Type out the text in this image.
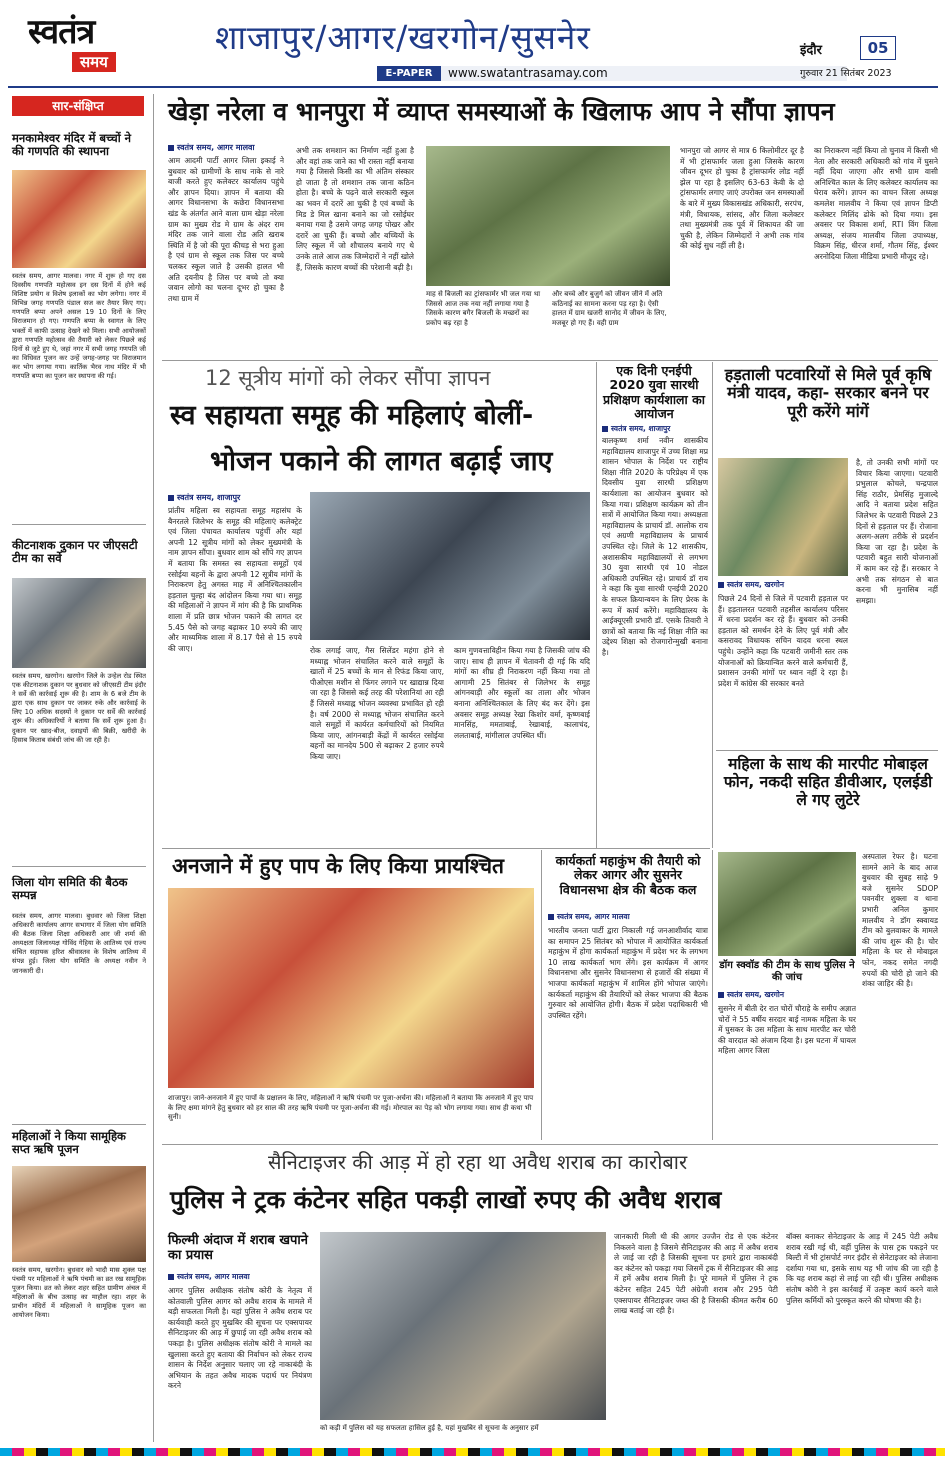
स्वतंत्र
समय
शाजापुर/आगर/खरगोन/सुसनेर	इंदौर	05
E-PAPER	www.swatantrasamay.com	गुरुवार 21 सितंबर 2023
सार-संक्षिप्त
मनकामेश्वर मंदिर में बच्चों ने की गणपति की स्थापना
स्वतंत्र समय, आगर मालवा। नगर में शुरू हो गए दस दिवसीय गणपति महोत्सव इन दस दिनों में होने कई विशिष्ट प्रयोग व विशेष इलाकों का भोग लगेगा। नगर में विभिन्न जगह गणपति पंडाल सज कर तैयार किए गए। गणपति बप्पा अपने असल 19 10 दिनों के लिए विराजमान हो गए। गणपति बप्पा के स्वागत के लिए भक्तों में काफी उत्साह देखने को मिला। सभी आयोजकों द्वारा गणपति महोत्सव की तैयारी को लेकर पिछले कई दिनों से जुटे हुए थे, जहां नगर में सभी जगह गणपति जी का विधिवत पूजन कर उन्हें जगह-जगह पर विराजमान कर भोग लगाया गया। कार्तिक भैरव नाथ मंदिर में भी गणपति बप्पा का पूजन कर स्थापना की गई।
कीटनाशक दुकान पर जीएसटी टीम का सर्वे
स्वतंत्र समय, खरगोन। खरगोन जिले के उन्हेल रोड स्थित एक कीटनाशक दुकान पर बुधवार को जीएसटी टीम इंदौर ने सर्वे की कार्रवाई शुरू की है। शाम के 6 बजे टीम के द्वारा एक साथ दुकान पर जाकर रुके और कार्रवाई के लिए 10 अधिक सदस्यों ने दुकान पर सर्वे की कार्रवाई शुरू की। अधिकारियों ने बताया कि सर्वे शुरू हुआ है। दुकान पर खाद-बीज, दवाइयों की बिक्री, खरीदी के हिसाब किताब संबंधी जांच की जा रही है।
जिला योग समिति की बैठक सम्पन्न
स्वतंत्र समय, आगर मालवा। बुधवार को जिला शिक्षा अधिकारी कार्यालय आगर सभागार में जिला योग समिति की बैठक जिला शिक्षा अधिकारी आर जी शर्मा की अध्यक्षता जिलाध्यक्ष गोविंद गेहिया के आतिथ्य एवं राज्य संचित सहायक हरिश श्रीवास्तव के विशेष आतिथ्य में संपन्न हुई। जिला योग समिति के अध्यक्ष नवीन ने जानकारी दी।
महिलाओं ने किया सामूहिक सप्त ऋषि पूजन
स्वतंत्र समय, खरगोन। बुधवार को भादौ मास शुक्ल पक्ष पंचमी पर महिलाओं ने ऋषि पंचमी का व्रत रख सामूहिक पूजन किया। व्रत को लेकर शहर सहित ग्रामीण अंचल में महिलाओं के बीच उत्साह का माहौल रहा। शहर के प्राचीन मंदिरों में महिलाओं ने सामूहिक पूजन का आयोजन किया।
खेड़ा नरेला व भानपुरा में व्याप्त समस्याओं के खिलाफ आप ने सौंपा ज्ञापन
स्वतंत्र समय, आगर मालवा
आम आदमी पार्टी आगर जिला इकाई ने बुधवार को ग्रामीणों के साथ नाके से नारे बाजी करते हुए कलेक्टर कार्यालय पहुंचे और ज्ञापन दिया। ज्ञापन में बताया की आगर विधानसभा के कछेरा विधानसभा खंड के अंतर्गत आने वाला ग्राम खेड़ा नरेला ग्राम का मुख्य रोड मे ग्राम के अंदर राम मंदिर तक जाने वाला रोड अति खराब स्थिति में है जो की पूरा कीचड़ से भरा हुआ है एवं ग्राम से स्कूल तक जिस पर बच्चे चलकर स्कूल जाते है उसकी हालत भी अति दयनीय है जिस पर बच्चे तो क्या जवान लोगो का चलना दूभर हो चुका है तथा ग्राम में
अभी तक शमशान का निर्माण नहीं हुआ है और वहां तक जाने का भी रास्ता नहीं बनाया गया है जिससे किसी का भी अंतिम संस्कार हो जाता है तो शमशान तक जाना कठिन होता है। बच्चे के पढ़ने वाले सरकारी स्कूल का भवन में दरारें आ चुकी है एवं बच्चों के मिड डे मिल खाना बनाने का जो रसोईघर बनाया गया है उसमे जगह जगह पोखर और दरारें आ चुकी हैं। बच्चो और बच्चियों के लिए स्कूल में जो शौचालय बनाये गए थे उनके ताले आज तक जिम्मेदारों ने नहीं खोले हैं, जिसके कारण बच्चों की परेशानी बढ़ी है।
माह से बिजली का ट्रांसफार्मर भी जल गया था जिससे आज तक नया नहीं लगाया गया है जिसके कारण बगैर बिजली के मच्छरों का प्रकोप बढ़ रहा है
और बच्चे और बुजुर्ग को जीवन जीने में अति कठिनाई का सामना करना पड़ रहा है। ऐसी हालत में ग्राम खजरी सानोद में जीवन के लिए, मजबूर हो गए हैं। वही ग्राम
भानपुरा जो आगर से मात्र 6 किलोमीटर दूर है में भी ट्रांसफार्मर जला हुआ जिसके कारण जीवन दूभर हो चुका है ट्रांसफार्मर लोड नहीं झेल पा रहा है इसलिए 63-63 केवी के दो ट्रांसफार्मर लगाए जाएं उपरोक्त जन समस्याओं के बारे में मुख्य विकासखंड अधिकारी, सरपंच, मंत्री, विधायक, सांसद, और जिला कलेक्टर तथा मुख्यमंत्री तक पूर्व में शिकायत की जा चुकी है, लेकिन जिम्मेदारों ने अभी तक गांव की कोई सुध नहीं ली है।
का निराकरण नहीं किया तो चुनाव में किसी भी नेता और सरकारी अधिकारी को गांव में घुसने नहीं दिया जाएगा और सभी ग्राम वासी अनिश्चित काल के लिए कलेक्टर कार्यालय का घेराव करेंगे। ज्ञापन का वाचन जिला अध्यक्ष कमलेश मालवीय ने किया एवं ज्ञापन डिप्टी कलेक्टर मिलिंद ढोके को दिया गया। इस अवसर पर विकास शर्मा, RTI विंग जिला अध्यक्ष, संजय मालवीय जिला उपाध्यक्ष, विक्रम सिंह, धीरज शर्मा, गौतम सिंह, ईश्वर अरनोदिया जिला मीडिया प्रभारी मौजूद रहे।
12 सूत्रीय मांगों को लेकर सौंपा ज्ञापन
स्व सहायता समूह की महिलाएं बोलीं-
भोजन पकाने की लागत बढ़ाई जाए
स्वतंत्र समय, शाजापुर
प्रांतीय महिला स्व सहायता समूह महासंघ के बैनरतले जिलेभर के समूह की महिलाएं कलेक्ट्रेट एवं जिला पंचायत कार्यालय पहुंचीं और यहां अपनी 12 सूत्रीय मांगों को लेकर मुख्यमंत्री के नाम ज्ञापन सौंपा। बुधवार शाम को सौंपे गए ज्ञापन में बताया कि समस्त स्व सहायता समूहों एवं रसोईया बहनों के द्वारा अपनी 12 सूत्रीय मांगों के निराकरण हेतु अगस्त माह में अनिश्चितकालीन हड़ताल चुल्हा बंद आंदोलन किया गया था। समूह की महिलाओं ने ज्ञापन में मांग की है कि प्राथमिक शाला में प्रति छात्र भोजन पकाने की लागत दर 5.45 पैसे को जगह बढ़ाकर 10 रुपये की जाए और माध्यमिक शाला में 8.17 पैसे से 15 रुपये की जाए।	रोक लगाई जाए, गैस सिलेंडर महंगा होने से मध्याह्न भोजन संचालित करने वाले समूहों के खातों में 25 बच्चों के मान से रिफंड किया जाए, पीओएस मशीन से फिंगर लगाने पर खाद्यान्न दिया जा रहा है जिससे कई तरह की परेशानियां आ रही हैं जिससे मध्याह्न भोजन व्यवस्था प्रभावित हो रही है। वर्ष 2000 से मध्याह्न भोजन संचालित करने वाले समूहों में कार्यरत कर्मचारियों को नियमित किया जाए, आंगनबाड़ी केंद्रों में कार्यरत रसोईया बहनों का मानदेय 500 से बढ़ाकर 2 हजार रुपये किया जाए।
काम गुणवत्ताविहीन किया गया है जिसकी जांच की जाए। साथ ही ज्ञापन में चेतावनी दी गई कि यदि मांगों का शीघ्र ही निराकरण नहीं किया गया तो आगामी 25 सितंबर से जिलेभर के समूह आंगनबाड़ी और स्कूलों का ताला और भोजन बनाना अनिश्चितकाल के लिए बंद कर देंगे। इस अवसर समूह अध्यक्ष रेखा किशोर वर्मा, कृष्णबाई मानसिंह, ममताबाई, रेखाबाई, कालाचंद, ललताबाई, मांगीलाल उपस्थित थीं।
एक दिनी एनईपी 2020 युवा सारथी प्रशिक्षण कार्यशाला का आयोजन
स्वतंत्र समय, शाजापुर
बालकृष्ण शर्मा नवीन शासकीय महाविद्यालय शाजापुर में उच्च शिक्षा मप्र शासन भोपाल के निर्देश पर राष्ट्रीय शिक्षा नीति 2020 के परिप्रेक्ष्य में एक दिवसीय युवा सारथी प्रशिक्षण कार्यशाला का आयोजन बुधवार को किया गया। प्रशिक्षण कार्यक्रम को तीन सत्रों में आयोजित किया गया। अध्यक्षता महाविद्यालय के प्राचार्य डॉ. आलोक राय एवं अग्रणी महाविद्यालय के प्राचार्य उपस्थित रहे। जिले के 12 शासकीय, अशासकीय महाविद्यालयों से लगभग 30 युवा सारथी एवं 10 नोडल अधिकारी उपस्थित रहे। प्राचार्य डॉ राय ने कहा कि युवा सारथी एनईपी 2020 के सफल क्रियान्वयन के लिए प्रेरक के रूप में कार्य करेंगे। महाविद्यालय के आईक्यूएसी प्रभारी डॉ. एसके तिवारी ने छात्रों को बताया कि नई शिक्षा नीति का उद्देश्य शिक्षा को रोजगारोन्मुखी बनाना है।
हड़ताली पटवारियों से मिले पूर्व कृषि मंत्री यादव, कहा- सरकार बनने पर पूरी करेंगे मांगें
स्वतंत्र समय, खरगोन
पिछले 24 दिनों से जिले में पटवारी हड़ताल पर हैं। हड़तालरत पटवारी तहसील कार्यालय परिसर में धरना प्रदर्शन कर रहे हैं। बुधवार को उनकी हड़ताल को समर्थन देने के लिए पूर्व मंत्री और कसरावद विधायक सचिन यादव धरना स्थल पहुंचे। उन्होंने कहा कि पटवारी जमीनी स्तर तक योजनाओं को क्रियान्वित करने वाले कर्मचारी हैं, प्रशासन उनकी मांगों पर ध्यान नहीं दे रहा है। प्रदेश में कांग्रेस की सरकार बनते
है, तो उनकी सभी मांगों पर विचार किया जाएगा। पटवारी प्रभुलाल कोचले, चन्द्रपाल सिंह राठौर, प्रेमसिंह मुजाल्दे आदि ने बताया प्रदेश सहित जिलेभर के पटवारी पिछले 23 दिनों से हड़ताल पर हैं। रोजाना अलग-अलग तरीके से प्रदर्शन किया जा रहा है। प्रदेश के पटवारी बहुत सारी योजनाओं में काम कर रहे हैं। सरकार ने अभी तक संगठन से बात करना भी मुनासिब नहीं समझा।
महिला के साथ की मारपीट मोबाइल फोन, नकदी सहित डीवीआर, एलईडी ले गए लुटेरे
डॉग स्क्वॉड की टीम के साथ पुलिस ने की जांच
स्वतंत्र समय, खरगोन
सुसनेर में बीती देर रात चोरों चौराहे के समीप अज्ञात चोरों ने 55 वर्षीय सरदार बाई नामक महिला के घर में घुसकर के उस महिला के साथ मारपीट कर चोरी की वारदात को अंजाम दिया है। इस घटना में घायल महिला आगर जिला
अस्पताल रेफर है। घटना सामने आने के बाद आज बुधवार की सुबह साढ़े 9 बजे सुसनेर SDOP पवनवीर शुक्ला व थाना प्रभारी अनिल कुमार मालवीय ने डॉग स्क्वायड टीम को बुलवाकर के मामले की जांच शुरू की है। चोर महिला के घर से मोबाइल फोन, नकद समेत नगदी रुपयों की चोरी हो जाने की शंका जाहिर की है।
अनजाने में हुए पाप के लिए किया प्रायश्चित
शाजापुर। जाने-अनजाने में हुए पापों के प्रक्षालन के लिए, महिलाओं ने ऋषि पंचमी पर पूजा-अर्चना की। महिलाओं ने बताया कि अनजाने में हुए पाप के लिए क्षमा मांगने हेतु बुधवार को हर साल की तरह ऋषि पंचमी पर पूजा-अर्चना की गई। मोरपाल का पेड़ को भोग लगाया गया। साथ ही कथा भी सुनी।
कार्यकर्ता महाकुंभ की तैयारी को लेकर आगर और सुसनेर विधानसभा क्षेत्र की बैठक कल
स्वतंत्र समय, आगर मालवा
भारतीय जनता पार्टी द्वारा निकाली गई जनआशीर्वाद यात्रा का समापन 25 सितंबर को भोपाल में आयोजित कार्यकर्ता महाकुंभ में होगा कार्यकर्ता महाकुंभ में प्रदेश भर के लगभग 10 लाख कार्यकर्ता भाग लेंगे। इस कार्यक्रम में आगर विधानसभा और सुसनेर विधानसभा से हजारों की संख्या में भाजपा कार्यकर्ता महाकुंभ में शामिल होंगे भोपाल जाएंगे। कार्यकर्ता महाकुंभ की तैयारियों को लेकर भाजपा की बैठक गुरुवार को आयोजित होगी। बैठक में प्रदेश पदाधिकारी भी उपस्थित रहेंगे।
सैनिटाइजर की आड़ में हो रहा था अवैध शराब का कारोबार
पुलिस ने ट्रक कंटेनर सहित पकड़ी लाखों रुपए की अवैध शराब
फिल्मी अंदाज में शराब खपाने का प्रयास
स्वतंत्र समय, आगर मालवा
आगर पुलिस अधीक्षक संतोष कोरी के नेतृत्व में कोतवाली पुलिस आगर को अवैध शराब के मामले में बड़ी सफलता मिली है। यहां पुलिस ने अवैध शराब पर कार्यवाही करते हुए मुखबिर की सूचना पर एक्सपायर सैनिटाइजर की आड़ में छुपाई जा रही अवैध शराब को पकड़ा है। पुलिस अधीक्षक संतोष कोरी ने मामले का खुलासा करते हुए बताया की निर्वाचन को लेकर राज्य शासन के निर्देश अनुसार चलाए जा रहे नाकाबंदी के अभियान के तहत अवैध मादक पदार्थ पर नियंत्रण करने
को कड़ी में पुलिस को यह सफलता हासिल हुई है, यहां मुखबिर से सूचना के अनुसार हमें
जानकारी मिली थी की आगर उज्जैन रोड से एक कंटेनर निकलने वाला है जिसमे सैनिटाइजर की आड़ में अवैध शराब ले जाई जा रही है जिसकी सूचना पर हमारे द्वारा नाकाबंदी कर कंटेनर को पकड़ा गया जिसमें ट्रक में सैनिटाइजर की आड़ में हमें अवैध शराब मिली है। पूरे मामले में पुलिस ने ट्रक कंटेनर सहित 245 पेटी अंग्रेजी शराब और 295 पेटी एक्सपायर सैनिटाइजर जब्त की है जिसकी कीमत करीब 60 लाख बताई जा रही है।
बॉक्स बनाकर सेनेटाइजर के आड़ में 245 पेटी अवैध शराब रखी गई थी, वहीं पुलिस के पास ट्रक पकड़ने पर बिल्टी में भी ट्रांसपोर्ट नगर इंदौर से सेनेटाइजर को लेजाना दर्शाया गया था, इसके साथ यह भी जांच की जा रही है कि यह शराब कहां से लाई जा रही थी। पुलिस अधीक्षक संतोष कोरी ने इस कार्रवाई में उत्कृष्ट कार्य करने वाले पुलिस कर्मियों को पुरस्कृत करने की घोषणा की है।
